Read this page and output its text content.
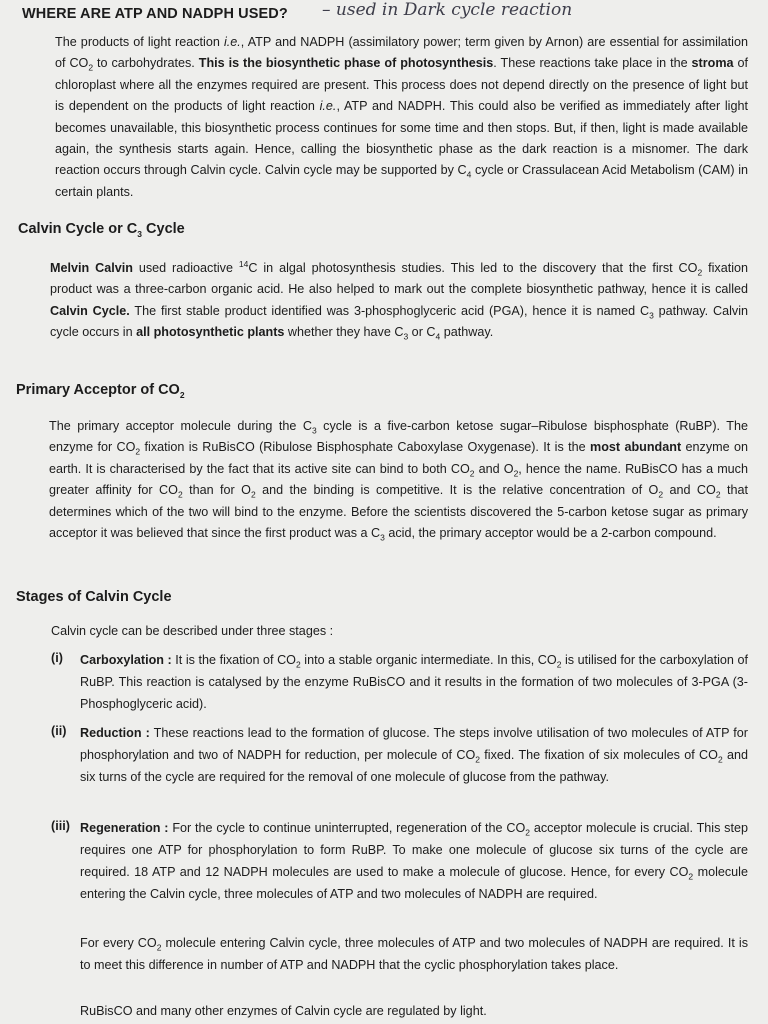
WHERE ARE ATP AND NADPH USED? – used in Dark cycle reaction
The products of light reaction i.e., ATP and NADPH (assimilatory power; term given by Arnon) are essential for assimilation of $CO_2$ to carbohydrates. This is the biosynthetic phase of photosynthesis. These reactions take place in the stroma of chloroplast where all the enzymes required are present. This process does not depend directly on the presence of light but is dependent on the products of light reaction i.e., ATP and NADPH. This could also be verified as immediately after light becomes unavailable, this biosynthetic process continues for some time and then stops. But, if then, light is made available again, the synthesis starts again. Hence, calling the biosynthetic phase as the dark reaction is a misnomer. The dark reaction occurs through Calvin cycle. Calvin cycle may be supported by $C_4$ cycle or Crassulacean Acid Metabolism (CAM) in certain plants.
Calvin Cycle or $C_3$ Cycle
Melvin Calvin used radioactive $^{14}$C in algal photosynthesis studies. This led to the discovery that the first $CO_2$ fixation product was a three-carbon organic acid. He also helped to mark out the complete biosynthetic pathway, hence it is called Calvin Cycle. The first stable product identified was 3-phosphoglyceric acid (PGA), hence it is named $C_3$ pathway. Calvin cycle occurs in all photosynthetic plants whether they have $C_3$ or $C_4$ pathway.
Primary Acceptor of $CO_2$
The primary acceptor molecule during the $C_3$ cycle is a five-carbon ketose sugar–Ribulose bisphosphate (RuBP). The enzyme for $CO_2$ fixation is RuBisCO (Ribulose Bisphosphate Caboxylase Oxygenase). It is the most abundant enzyme on earth. It is characterised by the fact that its active site can bind to both $CO_2$ and $O_2$, hence the name. RuBisCO has a much greater affinity for $CO_2$ than for $O_2$ and the binding is competitive. It is the relative concentration of $O_2$ and $CO_2$ that determines which of the two will bind to the enzyme. Before the scientists discovered the 5-carbon ketose sugar as primary acceptor it was believed that since the first product was a $C_3$ acid, the primary acceptor would be a 2-carbon compound.
Stages of Calvin Cycle
Calvin cycle can be described under three stages :
(i) Carboxylation : It is the fixation of $CO_2$ into a stable organic intermediate. In this, $CO_2$ is utilised for the carboxylation of RuBP. This reaction is catalysed by the enzyme RuBisCO and it results in the formation of two molecules of 3-PGA (3-Phosphoglyceric acid).
(ii) Reduction : These reactions lead to the formation of glucose. The steps involve utilisation of two molecules of ATP for phosphorylation and two of NADPH for reduction, per molecule of $CO_2$ fixed. The fixation of six molecules of $CO_2$ and six turns of the cycle are required for the removal of one molecule of glucose from the pathway.
(iii) Regeneration : For the cycle to continue uninterrupted, regeneration of the $CO_2$ acceptor molecule is crucial. This step requires one ATP for phosphorylation to form RuBP. To make one molecule of glucose six turns of the cycle are required. 18 ATP and 12 NADPH molecules are used to make a molecule of glucose. Hence, for every $CO_2$ molecule entering the Calvin cycle, three molecules of ATP and two molecules of NADPH are required.
For every $CO_2$ molecule entering Calvin cycle, three molecules of ATP and two molecules of NADPH are required. It is to meet this difference in number of ATP and NADPH that the cyclic phosphorylation takes place.
RuBisCO and many other enzymes of Calvin cycle are regulated by light.
